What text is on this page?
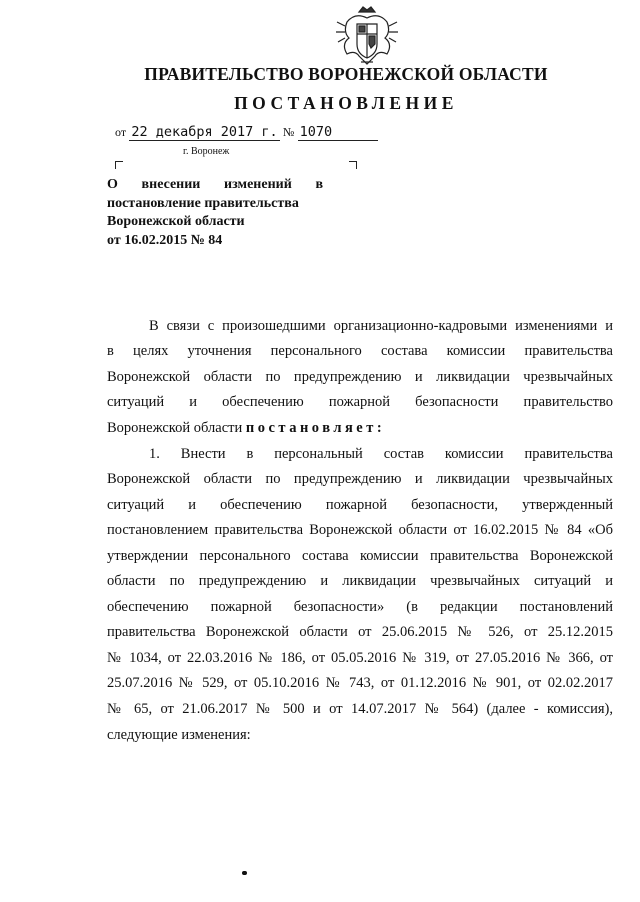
ПРАВИТЕЛЬСТВО ВОРОНЕЖСКОЙ ОБЛАСТИ
ПОСТАНОВЛЕНИЕ
от 22 декабря 2017 г. № 1070
г. Воронеж
О внесении изменений в
постановление правительства
Воронежской области
от 16.02.2015 № 84
В связи с произошедшими организационно-кадровыми изменениями и
в целях уточнения персонального состава комиссии правительства
Воронежской области по предупреждению и ликвидации чрезвычайных
ситуаций и обеспечению пожарной безопасности правительство
Воронежской области постановляет:
1. Внести в персональный состав комиссии правительства
Воронежской области по предупреждению и ликвидации чрезвычайных
ситуаций и обеспечению пожарной безопасности, утвержденный
постановлением правительства Воронежской области от 16.02.2015 № 84 «Об
утверждении персонального состава комиссии правительства Воронежской
области по предупреждению и ликвидации чрезвычайных ситуаций и
обеспечению пожарной безопасности» (в редакции постановлений
правительства Воронежской области от 25.06.2015 № 526, от 25.12.2015
№ 1034, от 22.03.2016 № 186, от 05.05.2016 № 319, от 27.05.2016 № 366, от
25.07.2016 № 529, от 05.10.2016 № 743, от 01.12.2016 № 901, от 02.02.2017
№ 65, от 21.06.2017 № 500 и от 14.07.2017 № 564) (далее - комиссия),
следующие изменения:
